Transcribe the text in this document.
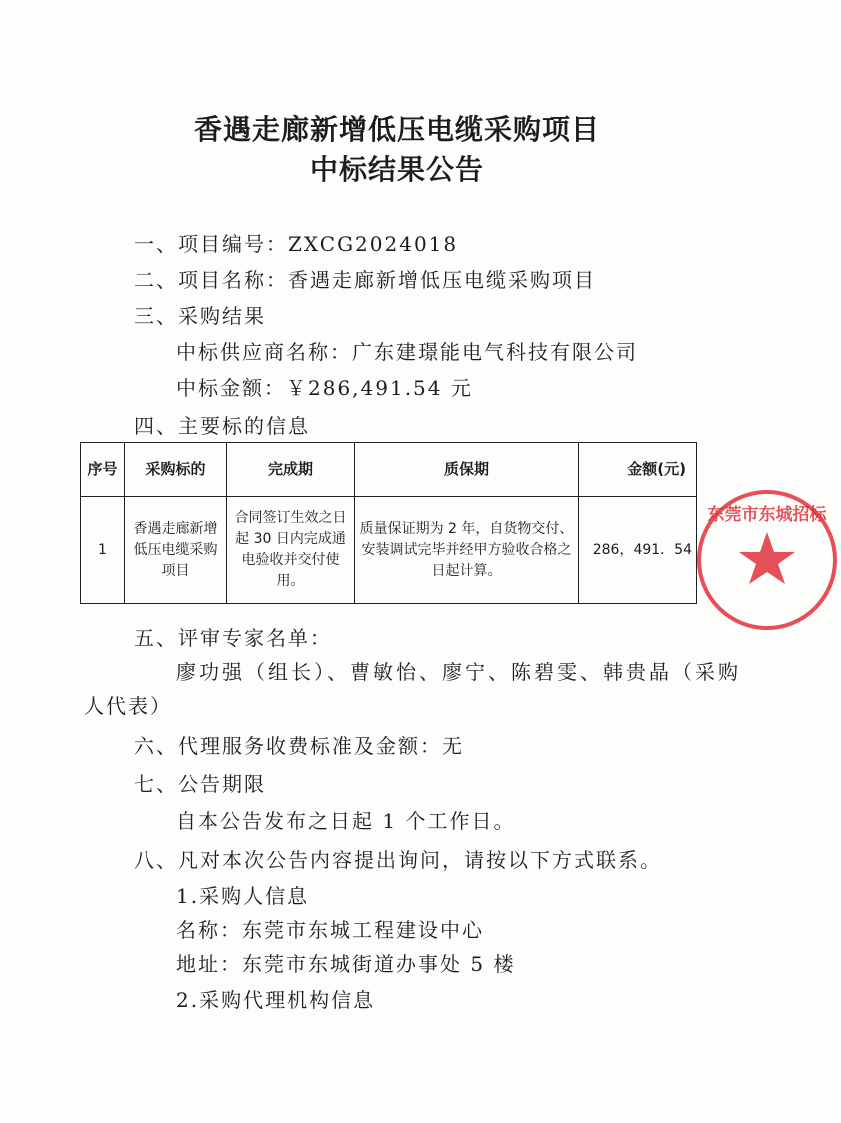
香遇走廊新增低压电缆采购项目
中标结果公告
一、项目编号：ZXCG2024018
二、项目名称：香遇走廊新增低压电缆采购项目
三、采购结果
中标供应商名称：广东建璟能电气科技有限公司
中标金额：￥286,491.54 元
四、主要标的信息
序号	采购标的	完成期	质保期	金额(元)
1	香遇走廊新增低压电缆采购项目	合同签订生效之日起 30 日内完成通电验收并交付使用。	质量保证期为 2 年，自货物交付、安装调试完毕并经甲方验收合格之日起计算。	286，491．54
东莞市东城招标
五、评审专家名单：
廖功强（组长）、曹敏怡、廖宁、陈碧雯、韩贵晶（采购
人代表）
六、代理服务收费标准及金额：无
七、公告期限
自本公告发布之日起 1 个工作日。
八、凡对本次公告内容提出询问，请按以下方式联系。
1.采购人信息
名称：东莞市东城工程建设中心
地址：东莞市东城街道办事处 5 楼
2.采购代理机构信息
